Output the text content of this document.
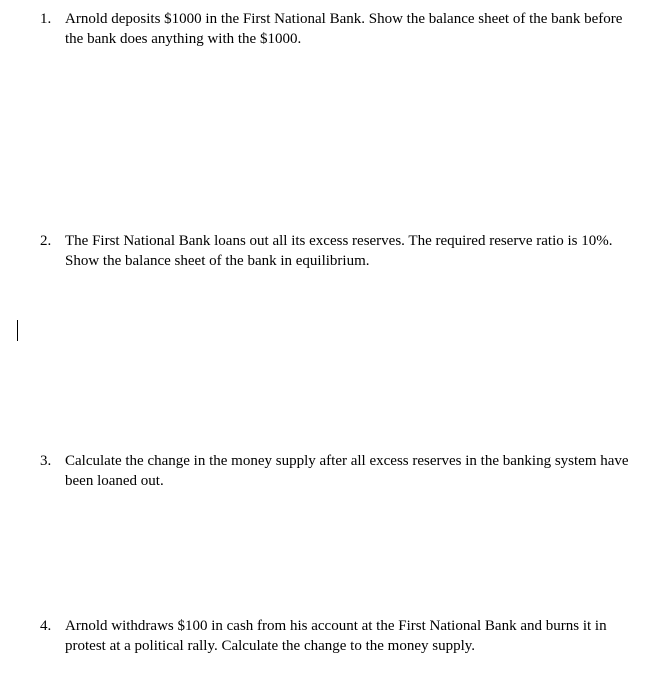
1. Arnold deposits $1000 in the First National Bank. Show the balance sheet of the bank before the bank does anything with the $1000.
2. The First National Bank loans out all its excess reserves. The required reserve ratio is 10%. Show the balance sheet of the bank in equilibrium.
3. Calculate the change in the money supply after all excess reserves in the banking system have been loaned out.
4. Arnold withdraws $100 in cash from his account at the First National Bank and burns it in protest at a political rally. Calculate the change to the money supply.
